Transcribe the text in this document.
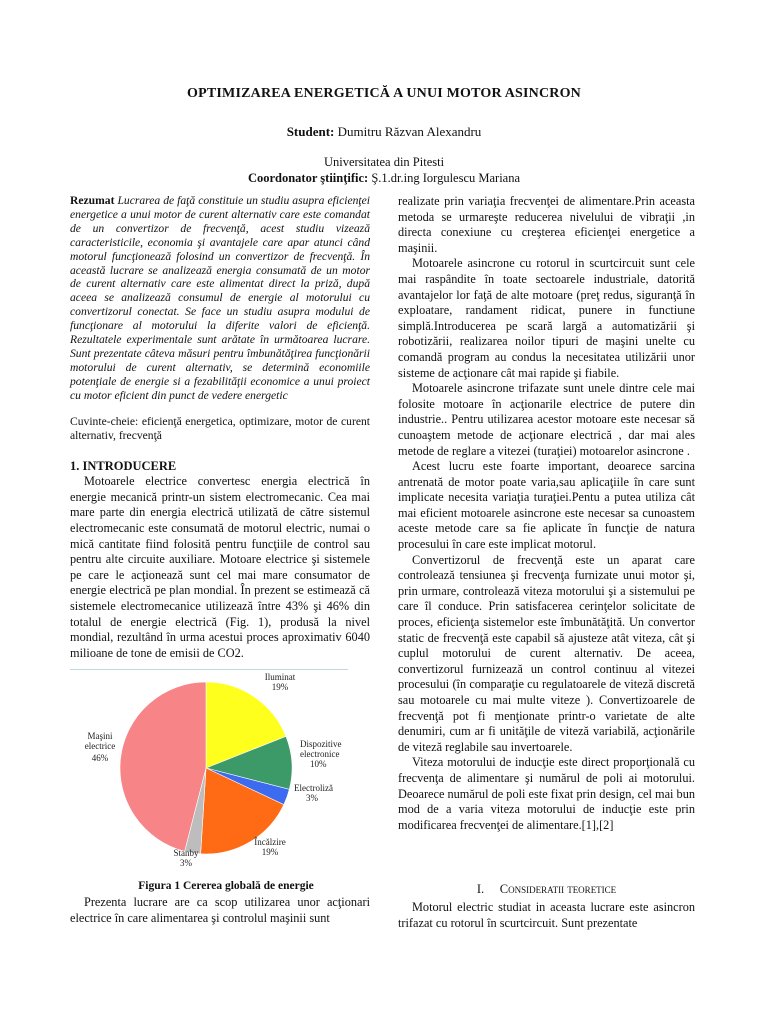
OPTIMIZAREA ENERGETICĂ A UNUI MOTOR ASINCRON
Student: Dumitru Răzvan Alexandru
Universitatea din Pitesti
Coordonator ştiinţific: Ş.1.dr.ing Iorgulescu Mariana

Rezumat Lucrarea de faţă constituie un studiu asupra eficienţei energetice a unui motor de curent alternativ care este comandat de un convertizor de frecvenţă, acest studiu vizează caracteristicile, economia şi avantajele care apar atunci când motorul funcţionează folosind un convertizor de frecvenţă. În această lucrare se analizează energia consumată de un motor de curent alternativ care este alimentat direct la priză, după aceea se analizează consumul de energie al motorului cu convertizorul conectat. Se face un studiu asupra modului de funcţionare al motorului la diferite valori de eficienţă. Rezultatele experimentale sunt arătate în următoarea lucrare. Sunt prezentate câteva măsuri pentru îmbunătăţirea funcţionării motorului de curent alternativ, se determină economiile potenţiale de energie si a fezabilităţii economice a unui proiect cu motor eficient din punct de vedere energetic

Cuvinte-cheie: eficienţă energetica, optimizare, motor de curent alternativ, frecvenţă

1. INTRODUCERE

Motoarele electrice convertesc energia electrică în energie mecanică printr-un sistem electromecanic. Cea mai mare parte din energia electrică utilizată de către sistemul electromecanic este consumată de motorul electric, numai o mică cantitate fiind folosită pentru funcţiile de control sau pentru alte circuite auxiliare. Motoare electrice şi sistemele pe care le acţionează sunt cel mai mare consumator de energie electrică pe plan mondial. În prezent se estimează că sistemele electromecanice utilizează între 43% şi 46% din totalul de energie electrică (Fig. 1), produsă la nivel mondial, rezultând în urma acestui proces aproximativ 6040 milioane de tone de emisii de CO2.

Iluminat
19%
Dispozitive
electronice
10%
Electroliză
3%
Încălzire
19%
Stanby
3%
Maşini
electrice
46%
Figura 1 Cererea globală de energie

Prezenta lucrare are ca scop utilizarea unor acţionari electrice în care alimentarea şi controlul maşinii sunt

realizate prin variaţia frecvenţei de alimentare.Prin aceasta metoda se urmareşte reducerea nivelului de vibraţii ,in directa conexiune cu creşterea eficienţei energetice a maşinii.

Motoarele asincrone cu rotorul in scurtcircuit sunt cele mai raspândite în toate sectoarele industriale, datorită avantajelor lor faţă de alte motoare (preţ redus, siguranţă în exploatare, randament ridicat, punere in functiune simplă.Introducerea pe scară largă a automatizării şi robotizării, realizarea noilor tipuri de maşini unelte cu comandă program au condus la necesitatea utilizării unor sisteme de acţionare cât mai rapide şi fiabile.

Motoarele asincrone trifazate sunt unele dintre cele mai folosite motoare în acţionarile electrice de putere din industrie.. Pentru utilizarea acestor motoare este necesar să cunoaştem metode de acţionare electrică , dar mai ales metode de reglare a vitezei (turaţiei) motoarelor asincrone .

Acest lucru este foarte important, deoarece sarcina antrenată de motor poate varia,sau aplicaţiile în care sunt implicate necesita variaţia turaţiei.Pentu a putea utiliza cât mai eficient motoarele asincrone este necesar sa cunoastem aceste metode care sa fie aplicate în funcţie de natura procesului în care este implicat motorul.

Convertizorul de frecvenţă este un aparat care controlează tensiunea şi frecvenţa furnizate unui motor şi, prin urmare, controlează viteza motorului şi a sistemului pe care îl conduce. Prin satisfacerea cerinţelor solicitate de proces, eficienţa sistemelor este îmbunătăţită. Un convertor static de frecvenţă este capabil să ajusteze atât viteza, cât şi cuplul motorului de curent alternativ. De aceea, convertizorul furnizează un control continuu al vitezei procesului (în comparaţie cu regulatoarele de viteză discretă sau motoarele cu mai multe viteze ). Convertizoarele de frecvenţă pot fi menţionate printr-o varietate de alte denumiri, cum ar fi unităţile de viteză variabilă, acţionările de viteză reglabile sau invertoarele.

Viteza motorului de inducţie este direct proporţională cu frecvenţa de alimentare şi numărul de poli ai motorului. Deoarece numărul de poli este fixat prin design, cel mai bun mod de a varia viteza motorului de inducţie este prin modificarea frecvenţei de alimentare.[1],[2]

I. Consideratii teoretice

Motorul electric studiat in aceasta lucrare este asincron trifazat cu rotorul în scurtcircuit. Sunt prezentate
